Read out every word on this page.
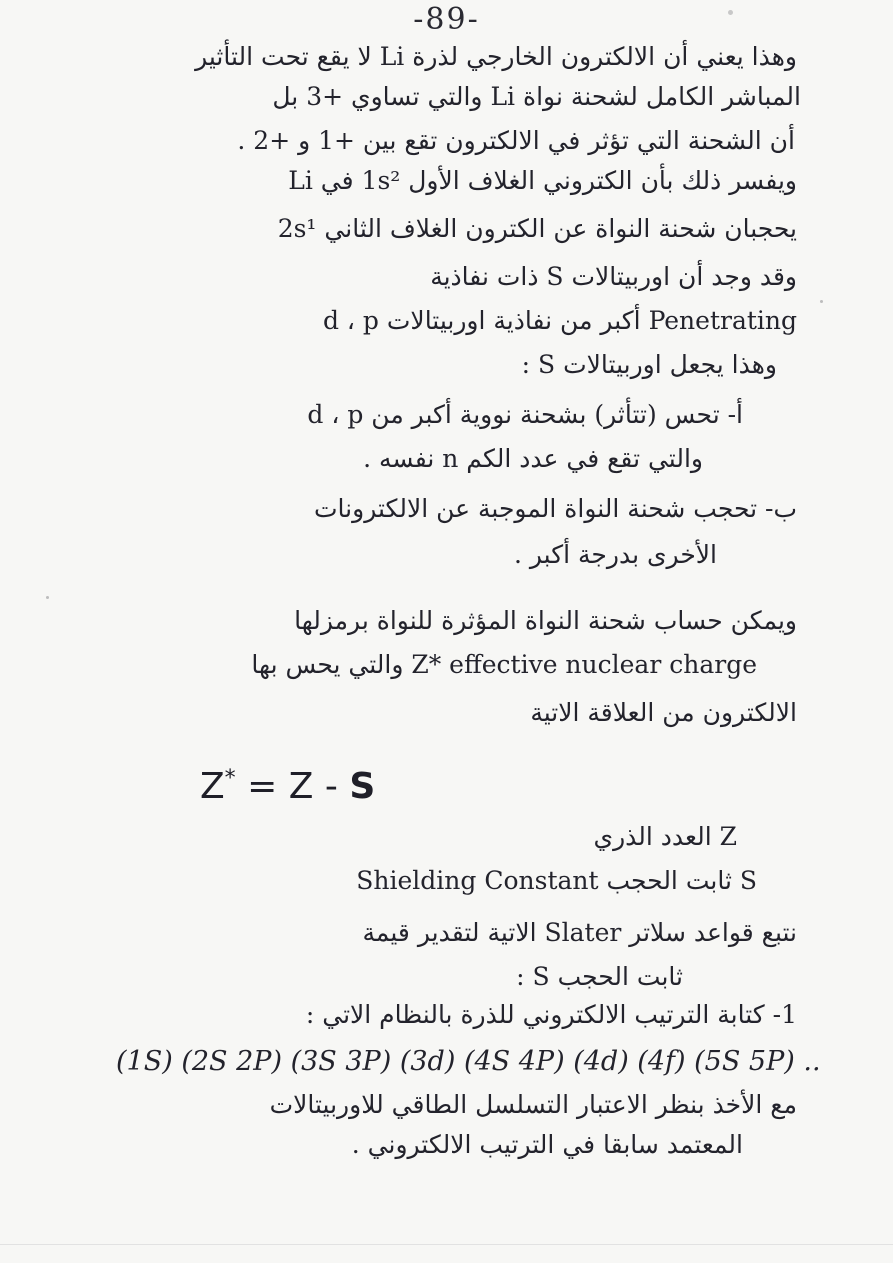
-89-
وهذا يعني أن الالكترون الخارجي لذرة Li لا يقع تحت التأثير
المباشر الكامل لشحنة نواة Li والتي تساوي +3 بل
أن الشحنة التي تؤثر في الالكترون تقع بين +1 و +2 .
ويفسر ذلك بأن الكتروني الغلاف الأول 1s² في Li
يحجبان شحنة النواة عن الكترون الغلاف الثاني 2s¹
وقد وجد أن اوربيتالات S ذات نفاذية
Penetrating أكبر من نفاذية اوربيتالات d ، p
وهذا يجعل اوربيتالات S :
أ- تحس (تتأثر) بشحنة نووية أكبر من d ، p
والتي تقع في عدد الكم n نفسه .
ب- تحجب شحنة النواة الموجبة عن الالكترونات
الأخرى بدرجة أكبر .
ويمكن حساب شحنة النواة المؤثرة للنواة برمزلها
Z* effective nuclear charge والتي يحس بها
الالكترون من العلاقة الاتية
Z* = Z - S
Z العدد الذري
S ثابت الحجب Shielding Constant
نتبع قواعد سلاتر Slater الاتية لتقدير قيمة
ثابت الحجب S :
1- كتابة الترتيب الالكتروني للذرة بالنظام الاتي :
(1S) (2S 2P) (3S 3P) (3d) (4S 4P) (4d) (4f) (5S 5P) ..
مع الأخذ بنظر الاعتبار التسلسل الطاقي للاوربيتالات
المعتمد سابقا في الترتيب الالكتروني .
